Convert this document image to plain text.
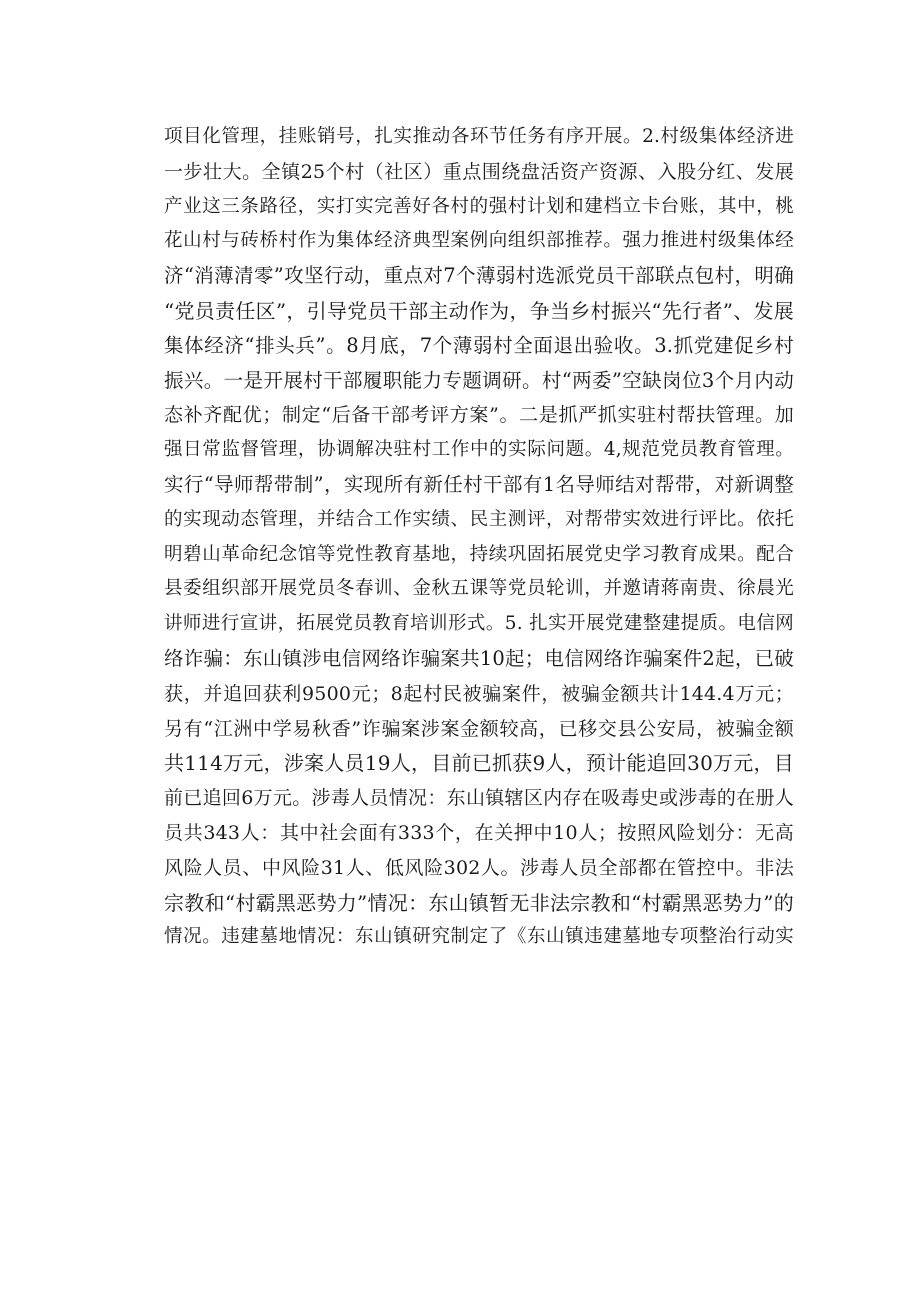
项目化管理，挂账销号，扎实推动各环节任务有序开展。2.村级集体经济进
一步壮大。全镇25个村（社区）重点围绕盘活资产资源、入股分红、发展
产业这三条路径，实打实完善好各村的强村计划和建档立卡台账，其中，桃
花山村与砖桥村作为集体经济典型案例向组织部推荐。强力推进村级集体经
济“消薄清零”攻坚行动，重点对7个薄弱村选派党员干部联点包村，明确
“党员责任区”，引导党员干部主动作为，争当乡村振兴“先行者”、发展
集体经济“排头兵”。8月底，7个薄弱村全面退出验收。3.抓党建促乡村
振兴。一是开展村干部履职能力专题调研。村“两委”空缺岗位3个月内动
态补齐配优；制定“后备干部考评方案”。二是抓严抓实驻村帮扶管理。加
强日常监督管理，协调解决驻村工作中的实际问题。4,规范党员教育管理。
实行“导师帮带制”，实现所有新任村干部有1名导师结对帮带，对新调整
的实现动态管理，并结合工作实绩、民主测评，对帮带实效进行评比。依托
明碧山革命纪念馆等党性教育基地，持续巩固拓展党史学习教育成果。配合
县委组织部开展党员冬春训、金秋五课等党员轮训，并邀请蒋南贵、徐晨光
讲师进行宣讲，拓展党员教育培训形式。5. 扎实开展党建整建提质。电信网
络诈骗：东山镇涉电信网络诈骗案共10起；电信网络诈骗案件2起，已破
获，并追回获利9500元；8起村民被骗案件，被骗金额共计144.4万元；
另有“江洲中学易秋香”诈骗案涉案金额较高，已移交县公安局，被骗金额
共114万元，涉案人员19人，目前已抓获9人，预计能追回30万元，目
前已追回6万元。涉毒人员情况：东山镇辖区内存在吸毒史或涉毒的在册人
员共343人：其中社会面有333个，在关押中10人；按照风险划分：无高
风险人员、中风险31人、低风险302人。涉毒人员全部都在管控中。非法
宗教和“村霸黑恶势力”情况：东山镇暂无非法宗教和“村霸黑恶势力”的
情况。违建墓地情况：东山镇研究制定了《东山镇违建墓地专项整治行动实
